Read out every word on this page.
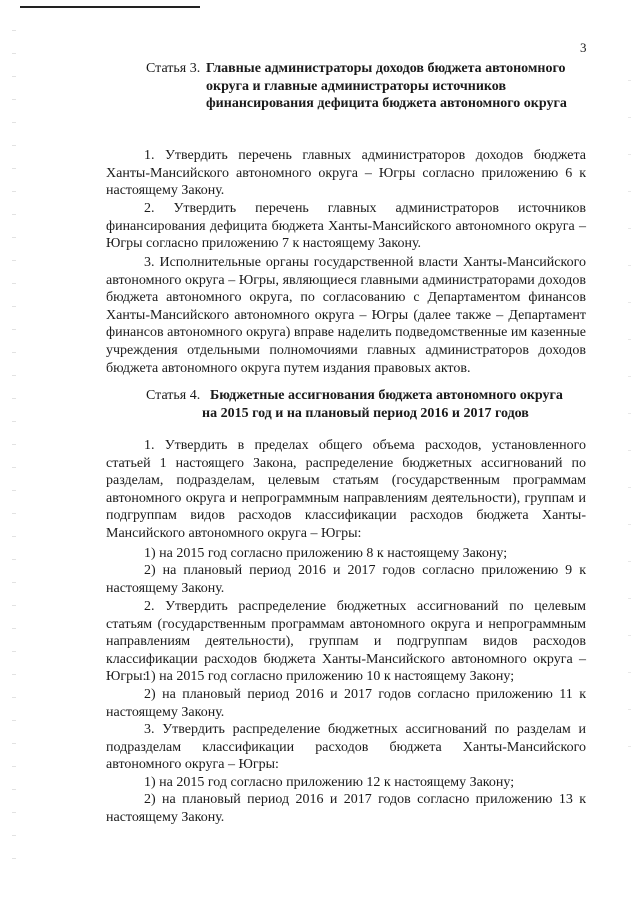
3
Статья 3. Главные администраторы доходов бюджета автономного округа и главные администраторы источников финансирования дефицита бюджета автономного округа

1. Утвердить перечень главных администраторов доходов бюджета Ханты-Мансийского автономного округа – Югры согласно приложению 6 к настоящему Закону.

2. Утвердить перечень главных администраторов источников финансирования дефицита бюджета Ханты-Мансийского автономного округа – Югры согласно приложению 7 к настоящему Закону.

3. Исполнительные органы государственной власти Ханты-Мансийского автономного округа – Югры, являющиеся главными администраторами доходов бюджета автономного округа, по согласованию с Департаментом финансов Ханты-Мансийского автономного округа – Югры (далее также – Департамент финансов автономного округа) вправе наделить подведомственные им казенные учреждения отдельными полномочиями главных администраторов доходов бюджета автономного округа путем издания правовых актов.

Статья 4. Бюджетные ассигнования бюджета автономного округа
на 2015 год и на плановый период 2016 и 2017 годов

1. Утвердить в пределах общего объема расходов, установленного статьей 1 настоящего Закона, распределение бюджетных ассигнований по разделам, подразделам, целевым статьям (государственным программам автономного округа и непрограммным направлениям деятельности), группам и подгруппам видов расходов классификации расходов бюджета Ханты-Мансийского автономного округа – Югры:

1) на 2015 год согласно приложению 8 к настоящему Закону;

2) на плановый период 2016 и 2017 годов согласно приложению 9 к настоящему Закону.

2. Утвердить распределение бюджетных ассигнований по целевым статьям (государственным программам автономного округа и непрограммным направлениям деятельности), группам и подгруппам видов расходов классификации расходов бюджета Ханты-Мансийского автономного округа – Югры:

1) на 2015 год согласно приложению 10 к настоящему Закону;

2) на плановый период 2016 и 2017 годов согласно приложению 11 к настоящему Закону.

3. Утвердить распределение бюджетных ассигнований по разделам и подразделам классификации расходов бюджета Ханты-Мансийского автономного округа – Югры:

1) на 2015 год согласно приложению 12 к настоящему Закону;

2) на плановый период 2016 и 2017 годов согласно приложению 13 к настоящему Закону.
